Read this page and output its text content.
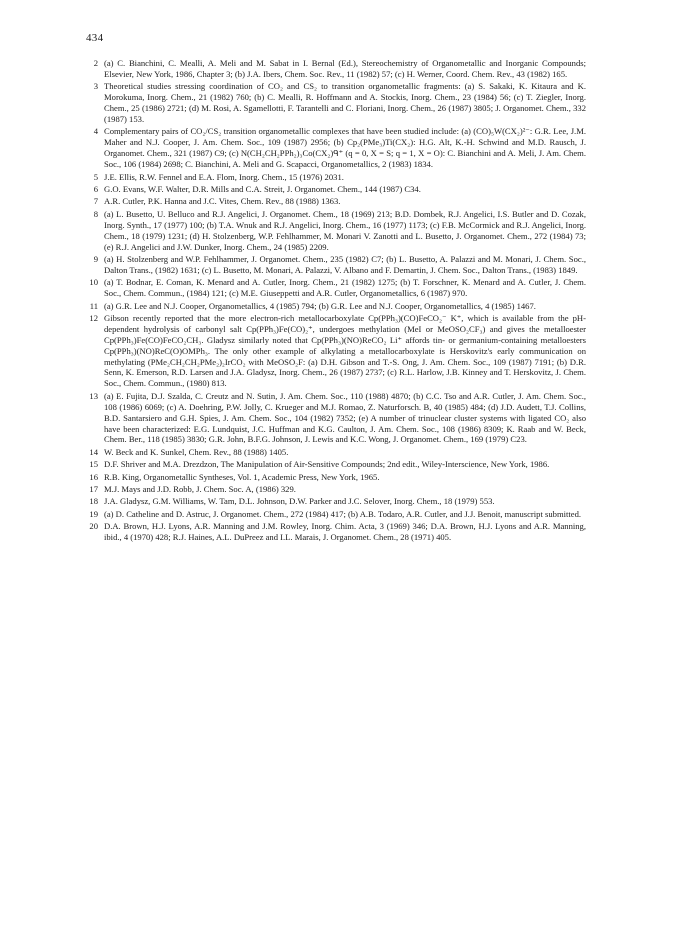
434
2 (a) C. Bianchini, C. Mealli, A. Meli and M. Sabat in I. Bernal (Ed.), Stereochemistry of Organometallic and Inorganic Compounds; Elsevier, New York, 1986, Chapter 3; (b) J.A. Ibers, Chem. Soc. Rev., 11 (1982) 57; (c) H. Werner, Coord. Chem. Rev., 43 (1982) 165.
3 Theoretical studies stressing coordination of CO₂ and CS₂ to transition organometallic fragments: (a) S. Sakaki, K. Kitaura and K. Morokuma, Inorg. Chem., 21 (1982) 760; (b) C. Mealli, R. Hoffmann and A. Stockis, Inorg. Chem., 23 (1984) 56; (c) T. Ziegler, Inorg. Chem., 25 (1986) 2721; (d) M. Rosi, A. Sgamellotti, F. Tarantelli and C. Floriani, Inorg. Chem., 26 (1987) 3805; J. Organomet. Chem., 332 (1987) 153.
4 Complementary pairs of CO₂/CS₂ transition organometallic complexes that have been studied include: (a) (CO)₅W(CX₂)²⁻: G.R. Lee, J.M. Maher and N.J. Cooper, J. Am. Chem. Soc., 109 (1987) 2956; (b) Cp₂(PMe₃)Ti(CX₂): H.G. Alt, K.-H. Schwind and M.D. Rausch, J. Organomet. Chem., 321 (1987) C9; (c) N(CH₂CH₂PPh₂)₃Co(CX₂)ᑫ⁺ (q = 0, X = S; q = 1, X = O): C. Bianchini and A. Meli, J. Am. Chem. Soc., 106 (1984) 2698; C. Bianchini, A. Meli and G. Scapacci, Organometallics, 2 (1983) 1834.
5 J.E. Ellis, R.W. Fennel and E.A. Flom, Inorg. Chem., 15 (1976) 2031.
6 G.O. Evans, W.F. Walter, D.R. Mills and C.A. Streit, J. Organomet. Chem., 144 (1987) C34.
7 A.R. Cutler, P.K. Hanna and J.C. Vites, Chem. Rev., 88 (1988) 1363.
8 (a) L. Busetto, U. Belluco and R.J. Angelici, J. Organomet. Chem., 18 (1969) 213; B.D. Dombek, R.J. Angelici, I.S. Butler and D. Cozak, Inorg. Synth., 17 (1977) 100; (b) T.A. Wnuk and R.J. Angelici, Inorg. Chem., 16 (1977) 1173; (c) F.B. McCormick and R.J. Angelici, Inorg. Chem., 18 (1979) 1231; (d) H. Stolzenberg, W.P. Fehlhammer, M. Monari V. Zanotti and L. Busetto, J. Organomet. Chem., 272 (1984) 73; (e) R.J. Angelici and J.W. Dunker, Inorg. Chem., 24 (1985) 2209.
9 (a) H. Stolzenberg and W.P. Fehlhammer, J. Organomet. Chem., 235 (1982) C7; (b) L. Busetto, A. Palazzi and M. Monari, J. Chem. Soc., Dalton Trans., (1982) 1631; (c) L. Busetto, M. Monari, A. Palazzi, V. Albano and F. Demartin, J. Chem. Soc., Dalton Trans., (1983) 1849.
10 (a) T. Bodnar, E. Coman, K. Menard and A. Cutler, Inorg. Chem., 21 (1982) 1275; (b) T. Forschner, K. Menard and A. Cutler, J. Chem. Soc., Chem. Commun., (1984) 121; (c) M.E. Giuseppetti and A.R. Cutler, Organometallics, 6 (1987) 970.
11 (a) G.R. Lee and N.J. Cooper, Organometallics, 4 (1985) 794; (b) G.R. Lee and N.J. Cooper, Organometallics, 4 (1985) 1467.
12 Gibson recently reported that the more electron-rich metallocarboxylate Cp(PPh₃)(CO)FeCO₂⁻ K⁺, which is available from the pH-dependent hydrolysis of carbonyl salt Cp(PPh₃)Fe(CO)₂⁺, undergoes methylation (MeI or MeOSO₂CF₃) and gives the metalloester Cp(PPh₃)Fe(CO)FeCO₂CH₃. Gladysz similarly noted that Cp(PPh₃)(NO)ReCO₂ Li⁺ affords tin- or germanium-containing metalloesters Cp(PPh₃)(NO)ReC(O)OMPh₃. The only other example of alkylating a metallocarboxylate is Herskovitz's early communication on methylating (PMe₂CH₂CH₂PMe₂)₂IrCO₂ with MeOSO₂F: (a) D.H. Gibson and T.-S. Ong, J. Am. Chem. Soc., 109 (1987) 7191; (b) D.R. Senn, K. Emerson, R.D. Larsen and J.A. Gladysz, Inorg. Chem., 26 (1987) 2737; (c) R.L. Harlow, J.B. Kinney and T. Herskovitz, J. Chem. Soc., Chem. Commun., (1980) 813.
13 (a) E. Fujita, D.J. Szalda, C. Creutz and N. Sutin, J. Am. Chem. Soc., 110 (1988) 4870; (b) C.C. Tso and A.R. Cutler, J. Am. Chem. Soc., 108 (1986) 6069; (c) A. Doehring, P.W. Jolly, C. Krueger and M.J. Romao, Z. Naturforsch. B, 40 (1985) 484; (d) J.D. Audett, T.J. Collins, B.D. Santarsiero and G.H. Spies, J. Am. Chem. Soc., 104 (1982) 7352; (e) A number of trinuclear cluster systems with ligated CO₂ also have been characterized: E.G. Lundquist, J.C. Huffman and K.G. Caulton, J. Am. Chem. Soc., 108 (1986) 8309; K. Raab and W. Beck, Chem. Ber., 118 (1985) 3830; G.R. John, B.F.G. Johnson, J. Lewis and K.C. Wong, J. Organomet. Chem., 169 (1979) C23.
14 W. Beck and K. Sunkel, Chem. Rev., 88 (1988) 1405.
15 D.F. Shriver and M.A. Drezdzon, The Manipulation of Air-Sensitive Compounds; 2nd edit., Wiley-Interscience, New York, 1986.
16 R.B. King, Organometallic Syntheses, Vol. 1, Academic Press, New York, 1965.
17 M.J. Mays and J.D. Robb, J. Chem. Soc. A, (1986) 329.
18 J.A. Gladysz, G.M. Williams, W. Tam, D.L. Johnson, D.W. Parker and J.C. Selover, Inorg. Chem., 18 (1979) 553.
19 (a) D. Catheline and D. Astruc, J. Organomet. Chem., 272 (1984) 417; (b) A.B. Todaro, A.R. Cutler, and J.J. Benoit, manuscript submitted.
20 D.A. Brown, H.J. Lyons, A.R. Manning and J.M. Rowley, Inorg. Chim. Acta, 3 (1969) 346; D.A. Brown, H.J. Lyons and A.R. Manning, ibid., 4 (1970) 428; R.J. Haines, A.L. DuPreez and I.L. Marais, J. Organomet. Chem., 28 (1971) 405.
